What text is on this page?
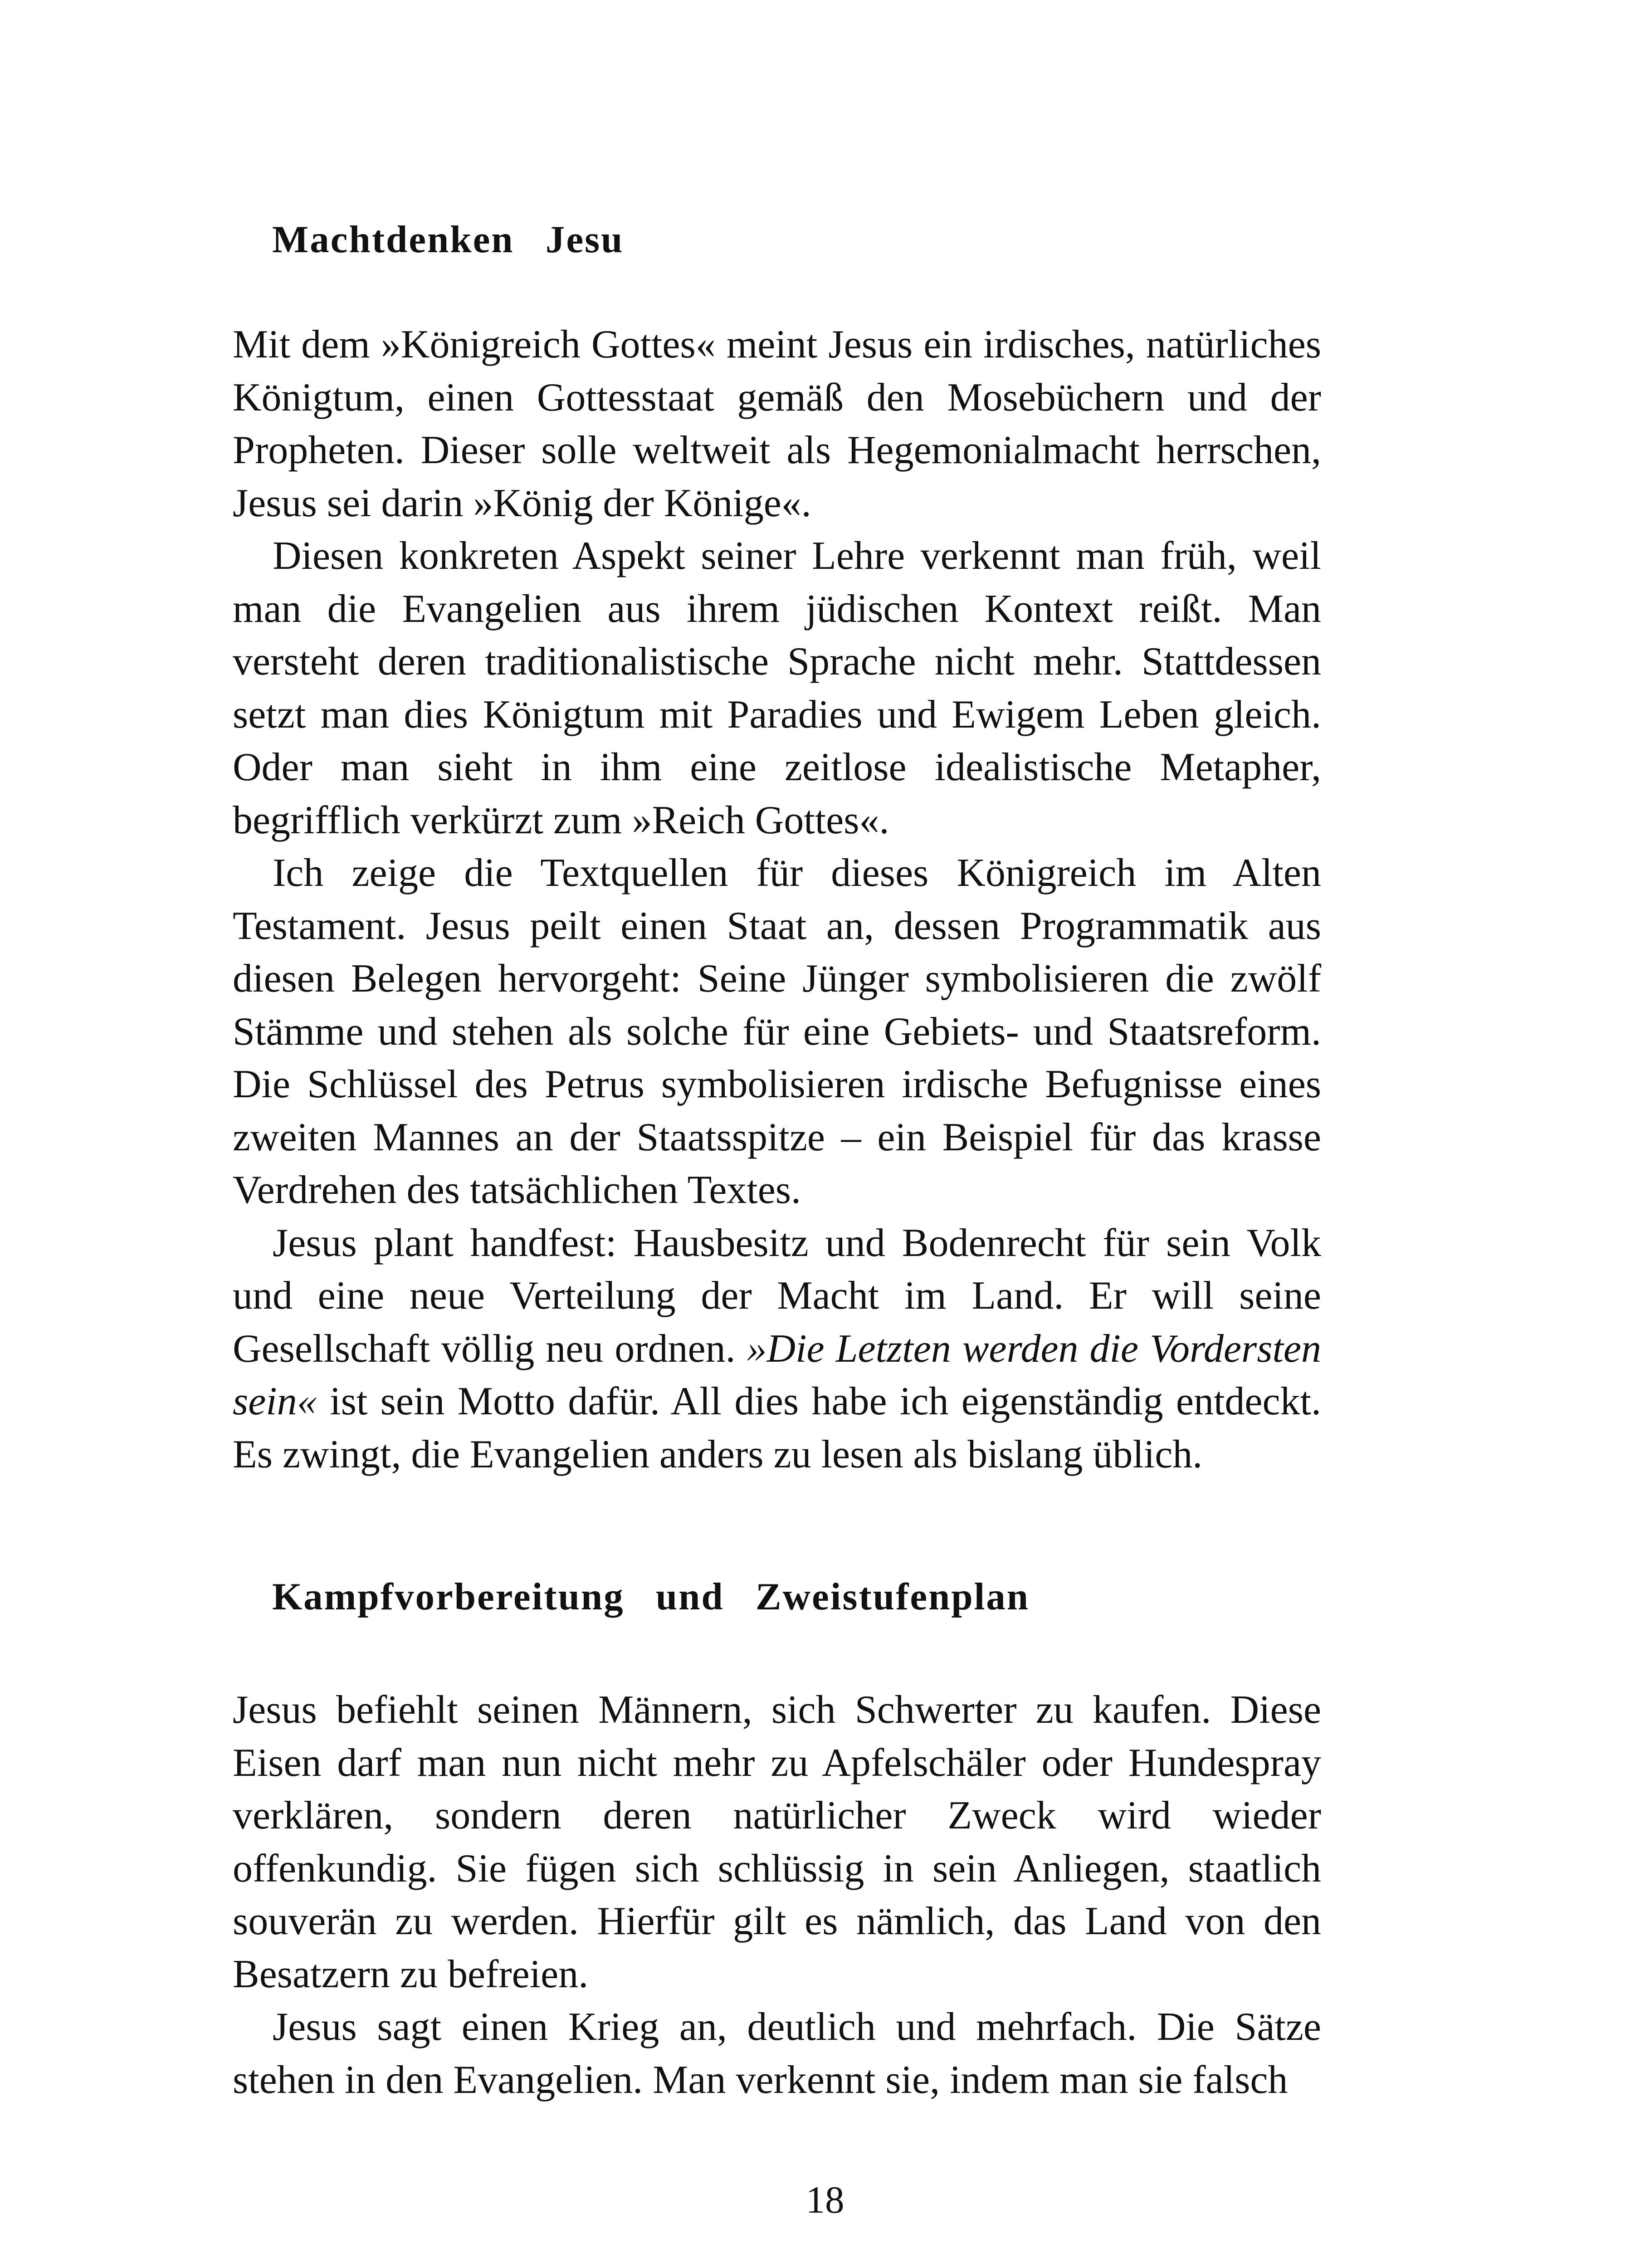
Machtdenken Jesu

Mit dem »Königreich Gottes« meint Jesus ein irdisches, natürliches Königtum, einen Gottesstaat gemäß den Mosebüchern und der Propheten. Dieser solle weltweit als Hegemonialmacht herrschen, Jesus sei darin »König der Könige«.

Diesen konkreten Aspekt seiner Lehre verkennt man früh, weil man die Evangelien aus ihrem jüdischen Kontext reißt. Man versteht deren traditionalistische Sprache nicht mehr. Stattdessen setzt man dies Königtum mit Paradies und Ewigem Leben gleich. Oder man sieht in ihm eine zeitlose idealistische Metapher, begrifflich verkürzt zum »Reich Gottes«.

Ich zeige die Textquellen für dieses Königreich im Alten Testament. Jesus peilt einen Staat an, dessen Programmatik aus diesen Belegen hervorgeht: Seine Jünger symbolisieren die zwölf Stämme und stehen als solche für eine Gebiets- und Staatsreform. Die Schlüssel des Petrus symbolisieren irdische Befugnisse eines zweiten Mannes an der Staatsspitze – ein Beispiel für das krasse Verdrehen des tatsächlichen Textes.

Jesus plant handfest: Hausbesitz und Bodenrecht für sein Volk und eine neue Verteilung der Macht im Land. Er will seine Gesellschaft völlig neu ordnen. »Die Letzten werden die Vordersten sein« ist sein Motto dafür. All dies habe ich eigenständig entdeckt. Es zwingt, die Evangelien anders zu lesen als bislang üblich.

Kampfvorbereitung und Zweistufenplan

Jesus befiehlt seinen Männern, sich Schwerter zu kaufen. Diese Eisen darf man nun nicht mehr zu Apfelschäler oder Hundespray verklären, sondern deren natürlicher Zweck wird wieder offenkundig. Sie fügen sich schlüssig in sein Anliegen, staatlich souverän zu werden. Hierfür gilt es nämlich, das Land von den Besatzern zu befreien.

Jesus sagt einen Krieg an, deutlich und mehrfach. Die Sätze stehen in den Evangelien. Man verkennt sie, indem man sie falsch

18
